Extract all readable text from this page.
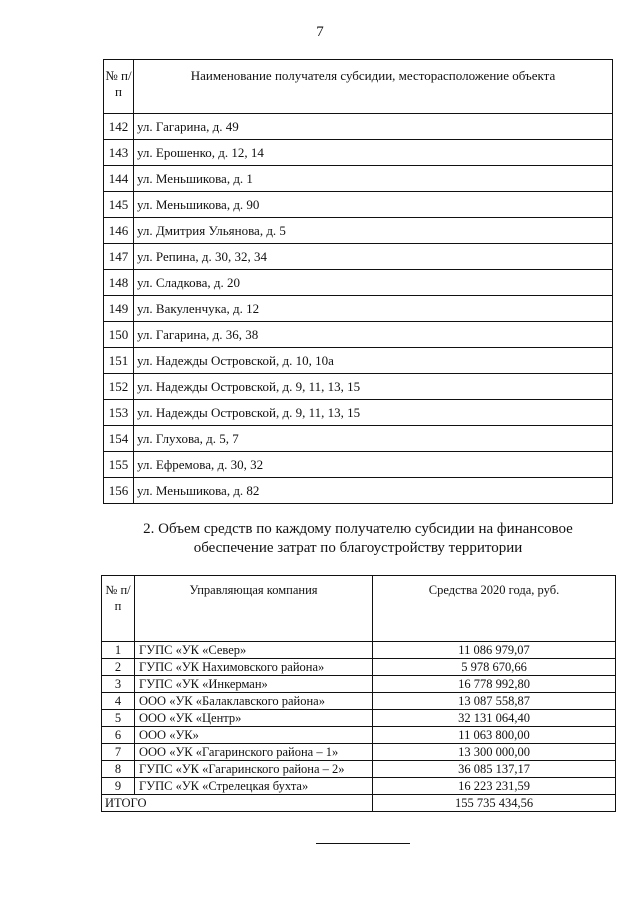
7
№ п/п	Наименование получателя субсидии, месторасположение объекта
142	ул. Гагарина, д. 49
143	ул. Ерошенко, д. 12, 14
144	ул. Меньшикова, д. 1
145	ул. Меньшикова, д. 90
146	ул. Дмитрия Ульянова, д. 5
147	ул. Репина, д. 30, 32, 34
148	ул. Сладкова, д. 20
149	ул. Вакуленчука, д. 12
150	ул. Гагарина, д. 36, 38
151	ул. Надежды Островской, д. 10, 10а
152	ул. Надежды Островской, д. 9, 11, 13, 15
153	ул. Надежды Островской, д. 9, 11, 13, 15
154	ул. Глухова, д. 5, 7
155	ул. Ефремова, д. 30, 32
156	ул. Меньшикова, д. 82
2. Объем средств по каждому получателю субсидии на финансовое
обеспечение затрат по благоустройству территории
№ п/п	Управляющая компания	Средства 2020 года, руб.
1	ГУПС «УК «Север»	11 086 979,07
2	ГУПС «УК Нахимовского района»	5 978 670,66
3	ГУПС «УК «Инкерман»	16 778 992,80
4	ООО «УК «Балаклавского района»	13 087 558,87
5	ООО «УК «Центр»	32 131 064,40
6	ООО «УК»	11 063 800,00
7	ООО «УК «Гагаринского района – 1»	13 300 000,00
8	ГУПС «УК «Гагаринского района – 2»	36 085 137,17
9	ГУПС «УК «Стрелецкая бухта»	16 223 231,59
ИТОГО		155 735 434,56
